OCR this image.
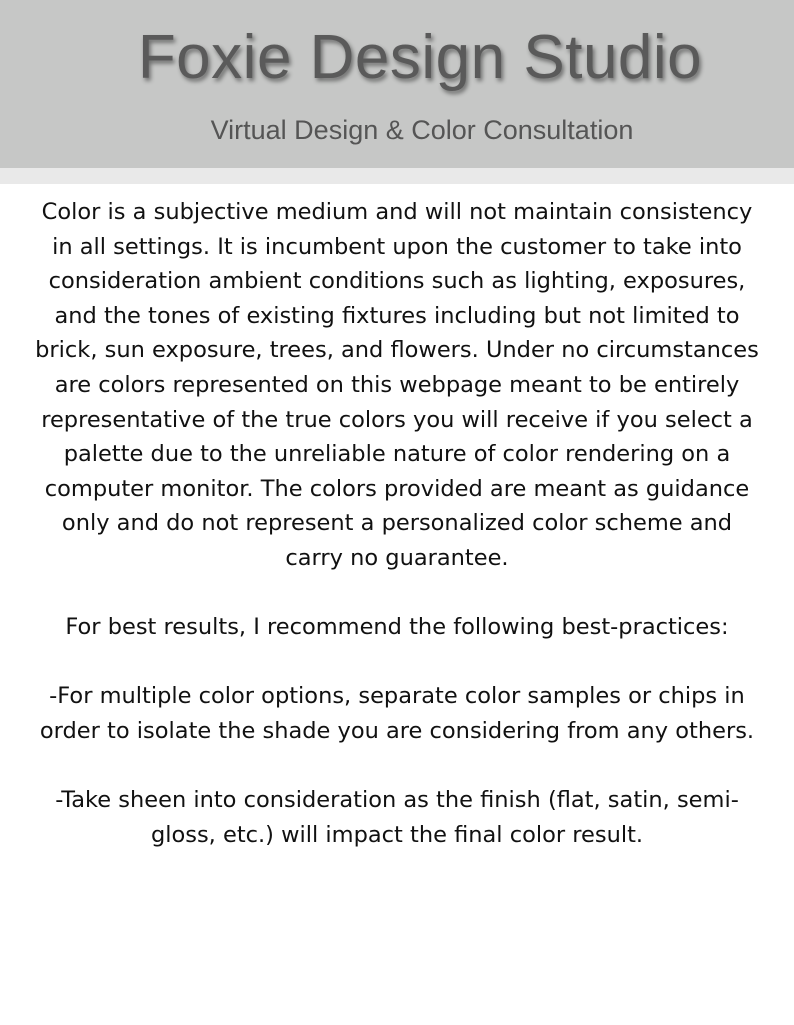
Foxie Design Studio
Virtual Design & Color Consultation

Color is a subjective medium and will not maintain consistency in all settings. It is incumbent upon the customer to take into consideration ambient conditions such as lighting, exposures, and the tones of existing fixtures including but not limited to brick, sun exposure, trees, and flowers. Under no circumstances are colors represented on this webpage meant to be entirely representative of the true colors you will receive if you select a palette due to the unreliable nature of color rendering on a computer monitor. The colors provided are meant as guidance only and do not represent a personalized color scheme and carry no guarantee.

For best results, I recommend the following best-practices:

-For multiple color options, separate color samples or chips in order to isolate the shade you are considering from any others.

-Take sheen into consideration as the finish (flat, satin, semi-gloss, etc.) will impact the final color result.
